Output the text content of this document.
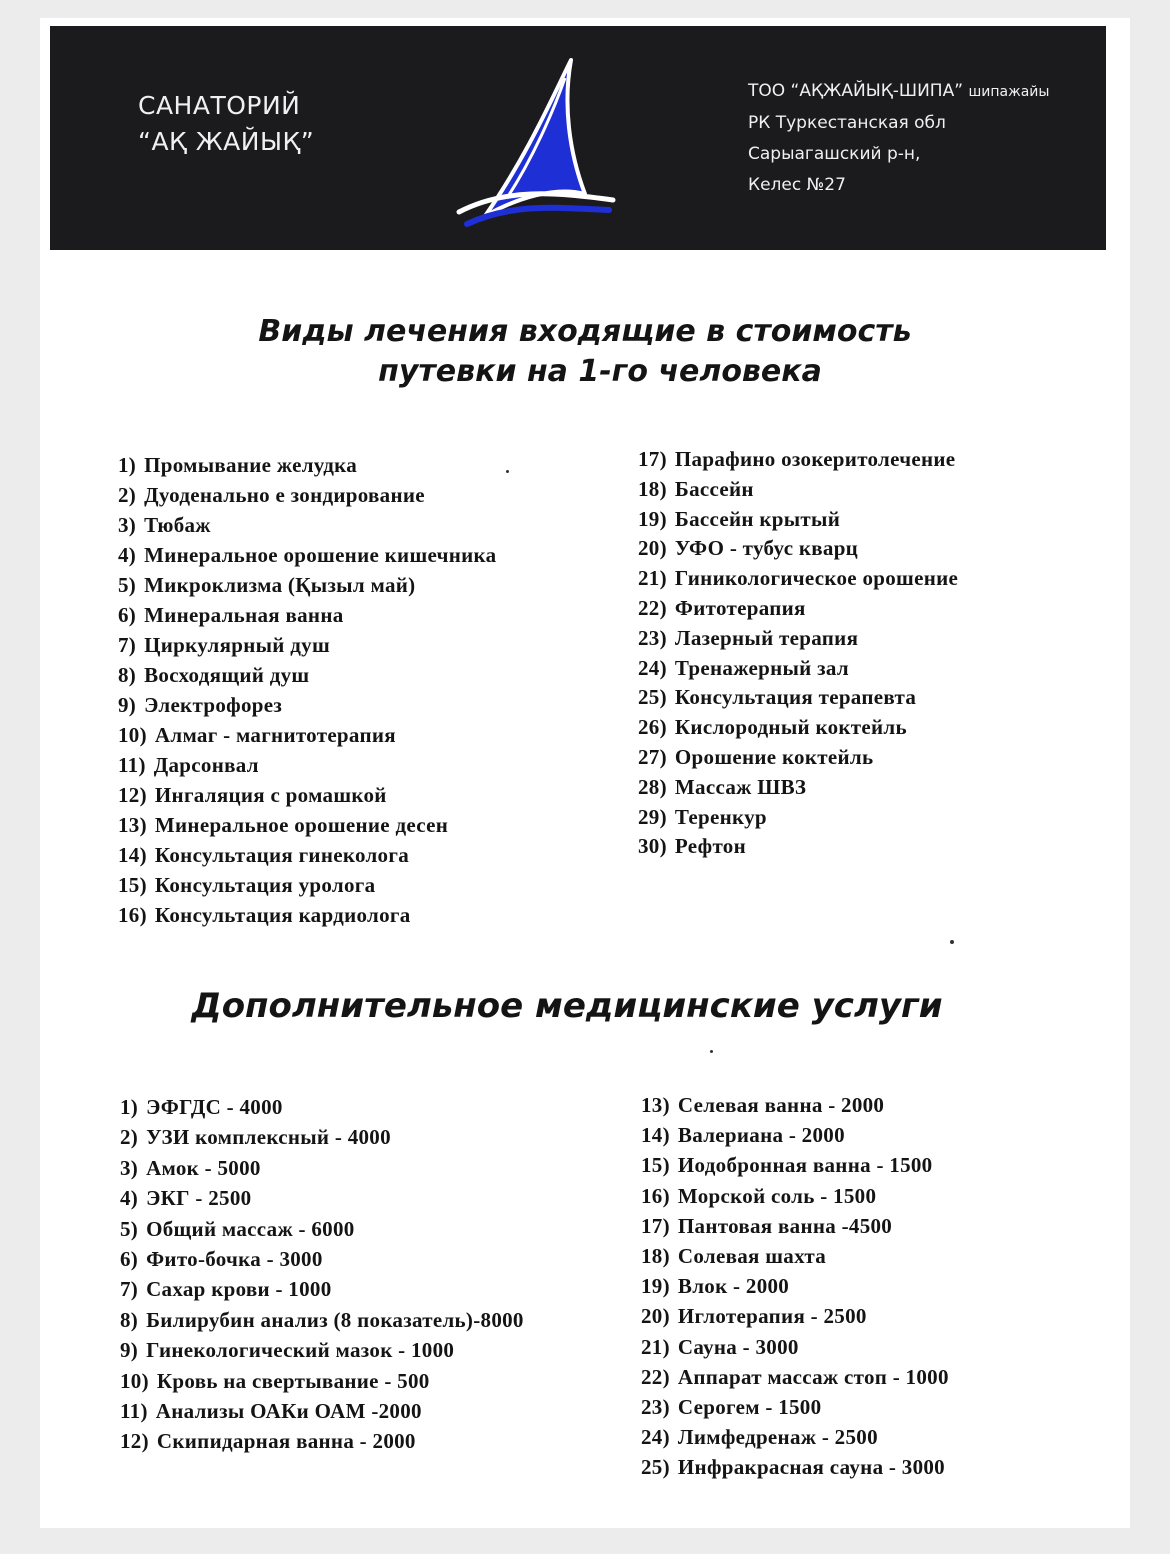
САНАТОРИЙ
“АҚ ЖАЙЫҚ”
ТОО “АҚЖАЙЫҚ-ШИПА” шипажайы
РК Туркестанская обл
Сарыагашский р-н,
Келес №27
Виды лечения входящие в стоимость
путевки на 1-го человека
1) Промывание желудка
2) Дуоденально е зондирование
3) Тюбаж
4) Минеральное орошение кишечника
5) Микроклизма (Қызыл май)
6) Минеральная ванна
7) Циркулярный душ
8) Восходящий душ
9) Электрофорез
10) Алмаг - магнитотерапия
11) Дарсонвал
12) Ингаляция с ромашкой
13) Минеральное орошение десен
14) Консультация гинеколога
15) Консультация уролога
16) Консультация кардиолога
17) Парафино озокеритолечение
18) Бассейн
19) Бассейн крытый
20) УФО - тубус кварц
21) Гиникологическое орошение
22) Фитотерапия
23) Лазерный терапия
24) Тренажерный зал
25) Консультация терапевта
26) Кислородный коктейль
27) Орошение коктейль
28) Массаж ШВЗ
29) Теренкур
30) Рефтон
Дополнительное медицинские услуги
1) ЭФГДС - 4000
2) УЗИ комплексный - 4000
3) Амок - 5000
4) ЭКГ - 2500
5) Общий массаж - 6000
6) Фито-бочка - 3000
7) Сахар крови - 1000
8) Билирубин анализ (8 показатель)-8000
9) Гинекологический мазок - 1000
10) Кровь на свертывание - 500
11) Анализы ОАКи ОАМ -2000
12) Скипидарная ванна - 2000
13) Селевая ванна - 2000
14) Валериана - 2000
15) Иодобронная ванна - 1500
16) Морской соль - 1500
17) Пантовая ванна -4500
18) Солевая шахта
19) Влок - 2000
20) Иглотерапия - 2500
21) Сауна - 3000
22) Аппарат массаж стоп - 1000
23) Серогем - 1500
24) Лимфедренаж - 2500
25) Инфракрасная сауна - 3000
